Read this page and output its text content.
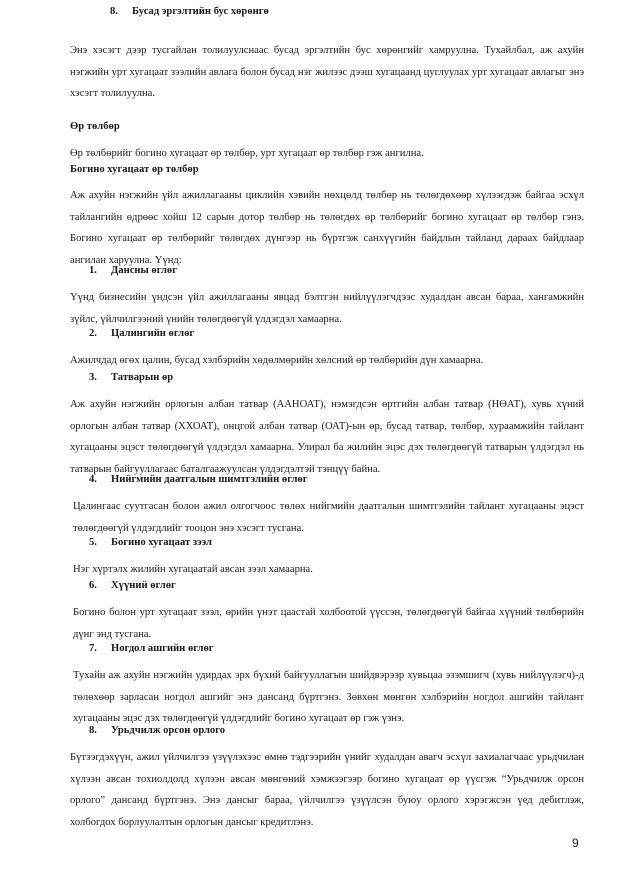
8. Бусад эргэлтийн бус хөрөнгө

Энэ хэсэгт дээр тусгайлан толилуулснаас бусад эргэлтийн бус хөрөнгийг хамруулна. Тухайлбал, аж ахуйн нэгжийн урт хугацаат зээлийн авлага болон бусад нэг жилээс дээш хугацаанд цуглуулах урт хугацаат авлагыг энэ хэсэгт толилуулна.

Өр төлбөр

Өр төлбөрийг богино хугацаат өр төлбөр, урт хугацаат өр төлбөр гэж ангилна.

Богино хугацаат өр төлбөр

Аж ахуйн нэгжийн үйл ажиллагааны циклийн хэвийн нөхцөлд төлбөр нь төлөгдөхөөр хүлээгдэж байгаа эсхүл тайлангийн өдрөөс хойш 12 сарын дотор төлбөр нь төлөгдөх өр төлбөрийг богино хугацаат өр төлбөр гэнэ. Богино хугацаат өр төлбөрийг төлөгдөх дүнгээр нь бүртгэж санхүүгийн байдлын тайланд дараах байдлаар ангилан харуулна. Үүнд:

1. Дансны өглөг

Үүнд бизнесийн үндсэн үйл ажиллагааны явцад бэлтгэн нийлүүлэгчдээс худалдан авсан бараа, хангамжийн зүйлс, үйлчилгээний үнийн төлөгдөөгүй үлдэгдэл хамаарна.

2. Цалингийн өглөг

Ажилчдад өгөх цалин, бусад хэлбэрийн хөдөлмөрийн хөлсний өр төлбөрийн дүн хамаарна.

3. Татварын өр

Аж ахуйн нэгжийн орлогын албан татвар (ААНОАТ), нэмэгдсэн өртгийн албан татвар (НӨАТ), хувь хүний орлогын албан татвар (ХХОАТ), онцгой албан татвар (ОАТ)-ын өр, бусад татвар, төлбөр, хураамжийн тайлант хугацааны эцэст төлөгдөөгүй үлдэгдэл хамаарна. Улирал ба жилийн эцэс дэх төлөгдөөгүй татварын үлдэгдэл нь татварын байгууллагаас баталгаажуулсан үлдэгдэлтэй тэнцүү байна.

4. Нийгмийн даатгалын шимтгэлийн өглөг

Цалингаас суутгасан болон ажил олгогчоос төлөх нийгмийн даатгалын шимтгэлийн тайлант хугацааны эцэст төлөгдөөгүй үлдэгдлийг тооцон энэ хэсэгт тусгана.

5. Богино хугацаат зээл

Нэг хүртэлх жилийн хугацаатай авсан зээл хамаарна.

6. Хүүний өглөг

Богино болон урт хугацаат зээл, өрийн үнэт цаастай холбоотой үүссэн, төлөгдөөгүй байгаа хүүний төлбөрийн дүнг энд тусгана.

7. Ногдол ашгийн өглөг

Тухайн аж ахуйн нэгжийн удирдах эрх бүхий байгууллагын шийдвэрээр хувьцаа эзэмшигч (хувь нийлүүлэгч)-д төлөхөөр зарласан ногдол ашгийг энэ дансанд бүртгэнэ. Зөвхөн мөнгөн хэлбэрийн ногдол ашгийн тайлант хугацааны эцэс дэх төлөгдөөгүй үлдэгдлийг богино хугацаат өр гэж үзнэ.

8. Урьдчилж орсон орлого

Бүтээгдэхүүн, ажил үйлчилгээ үзүүлэхээс өмнө тэдгээрийн үнийг худалдан авагч эсхүл захиалагчаас урьдчилан хүлээн авсан тохиолдолд хүлээн авсан мөнгөний хэмжээгээр богино хугацаат өр үүсгэж “Урьдчилж орсон орлого” дансанд бүртгэнэ. Энэ дансыг бараа, үйлчилгээ үзүүлсэн буюу орлого хэрэгжсэн үед дебитлэж, холбогдох борлуулалтын орлогын дансыг кредитлэнэ.

9
